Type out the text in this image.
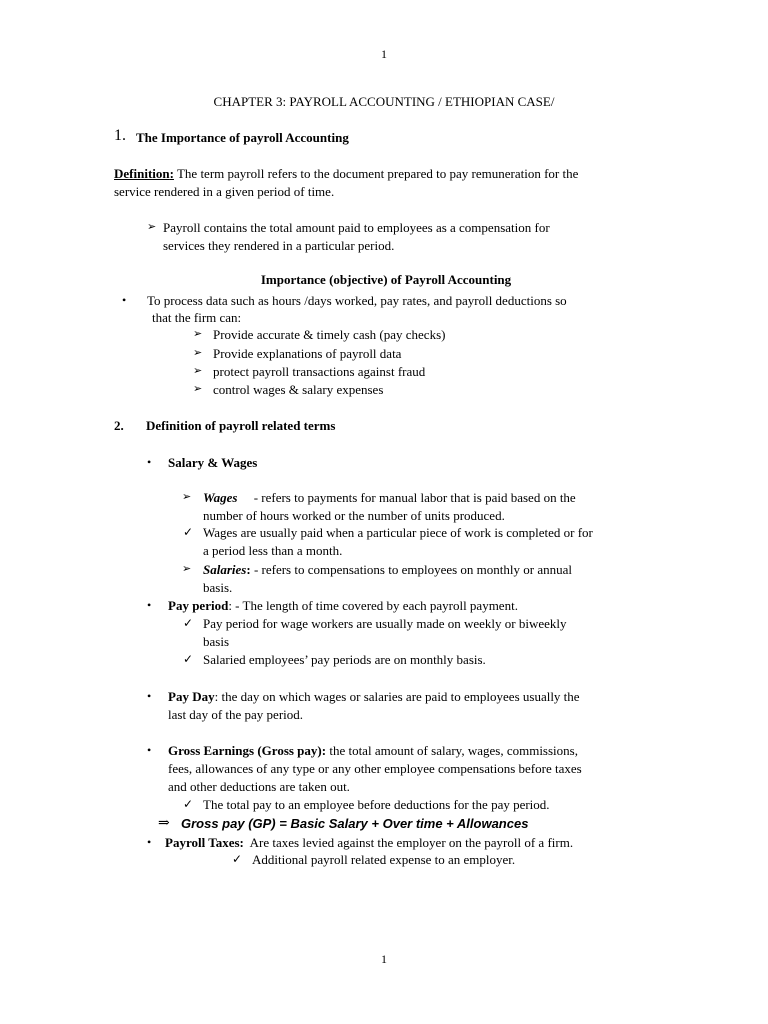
1
CHAPTER 3: PAYROLL ACCOUNTING / ETHIOPIAN CASE/
1. The Importance of payroll Accounting
Definition: The term payroll refers to the document prepared to pay remuneration for the
service rendered in a given period of time.
➢ Payroll contains the total amount paid to employees as a compensation for
services they rendered in a particular period.
Importance (objective) of Payroll Accounting
• To process data such as hours /days worked, pay rates, and payroll deductions so
that the firm can:
➢ Provide accurate & timely cash (pay checks)
➢ Provide explanations of payroll data
➢ protect payroll transactions against fraud
➢ control wages & salary expenses
2. Definition of payroll related terms
• Salary & Wages
➢ Wages     - refers to payments for manual labor that is paid based on the
number of hours worked or the number of units produced.
✓ Wages are usually paid when a particular piece of work is completed or for
a period less than a month.
➢ Salaries: - refers to compensations to employees on monthly or annual
basis.
• Pay period: - The length of time covered by each payroll payment.
✓ Pay period for wage workers are usually made on weekly or biweekly
basis
✓ Salaried employees’ pay periods are on monthly basis.
• Pay Day: the day on which wages or salaries are paid to employees usually the
last day of the pay period.
• Gross Earnings (Gross pay): the total amount of salary, wages, commissions,
fees, allowances of any type or any other employee compensations before taxes
and other deductions are taken out.
✓ The total pay to an employee before deductions for the pay period.
⇒ Gross pay (GP) = Basic Salary + Over time + Allowances
• Payroll Taxes:  Are taxes levied against the employer on the payroll of a firm.
✓ Additional payroll related expense to an employer.
1
